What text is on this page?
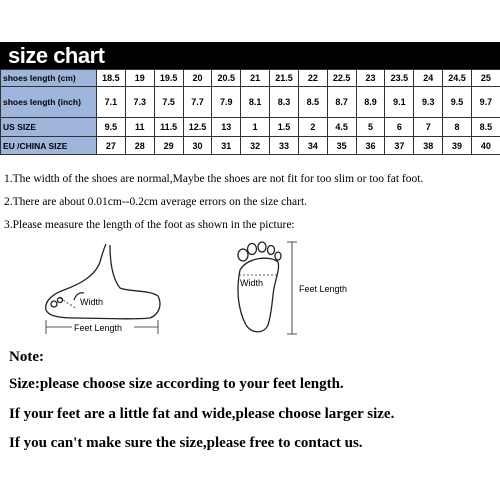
size chart
shoes length (cm)	18.5	19	19.5	20	20.5	21	21.5	22	22.5	23	23.5	24	24.5	25
shoes length (inch)	7.1	7.3	7.5	7.7	7.9	8.1	8.3	8.5	8.7	8.9	9.1	9.3	9.5	9.7
US SIZE	9.5	11	11.5	12.5	13	1	1.5	2	4.5	5	6	7	8	8.5
EU /CHINA SIZE	27	28	29	30	31	32	33	34	35	36	37	38	39	40
1.The width of the shoes are normal,Maybe the shoes are not fit for too slim or too fat foot.
2.There are about 0.01cm--0.2cm average errors on the size chart.
3.Please measure the length of the foot as shown in the picture:
Width
Feet Length
Width
Feet Length
Note:
Size:please choose size according to your feet length.
If your feet are a little fat and wide,please choose larger size.
If you can't make sure the size,please free to contact us.
